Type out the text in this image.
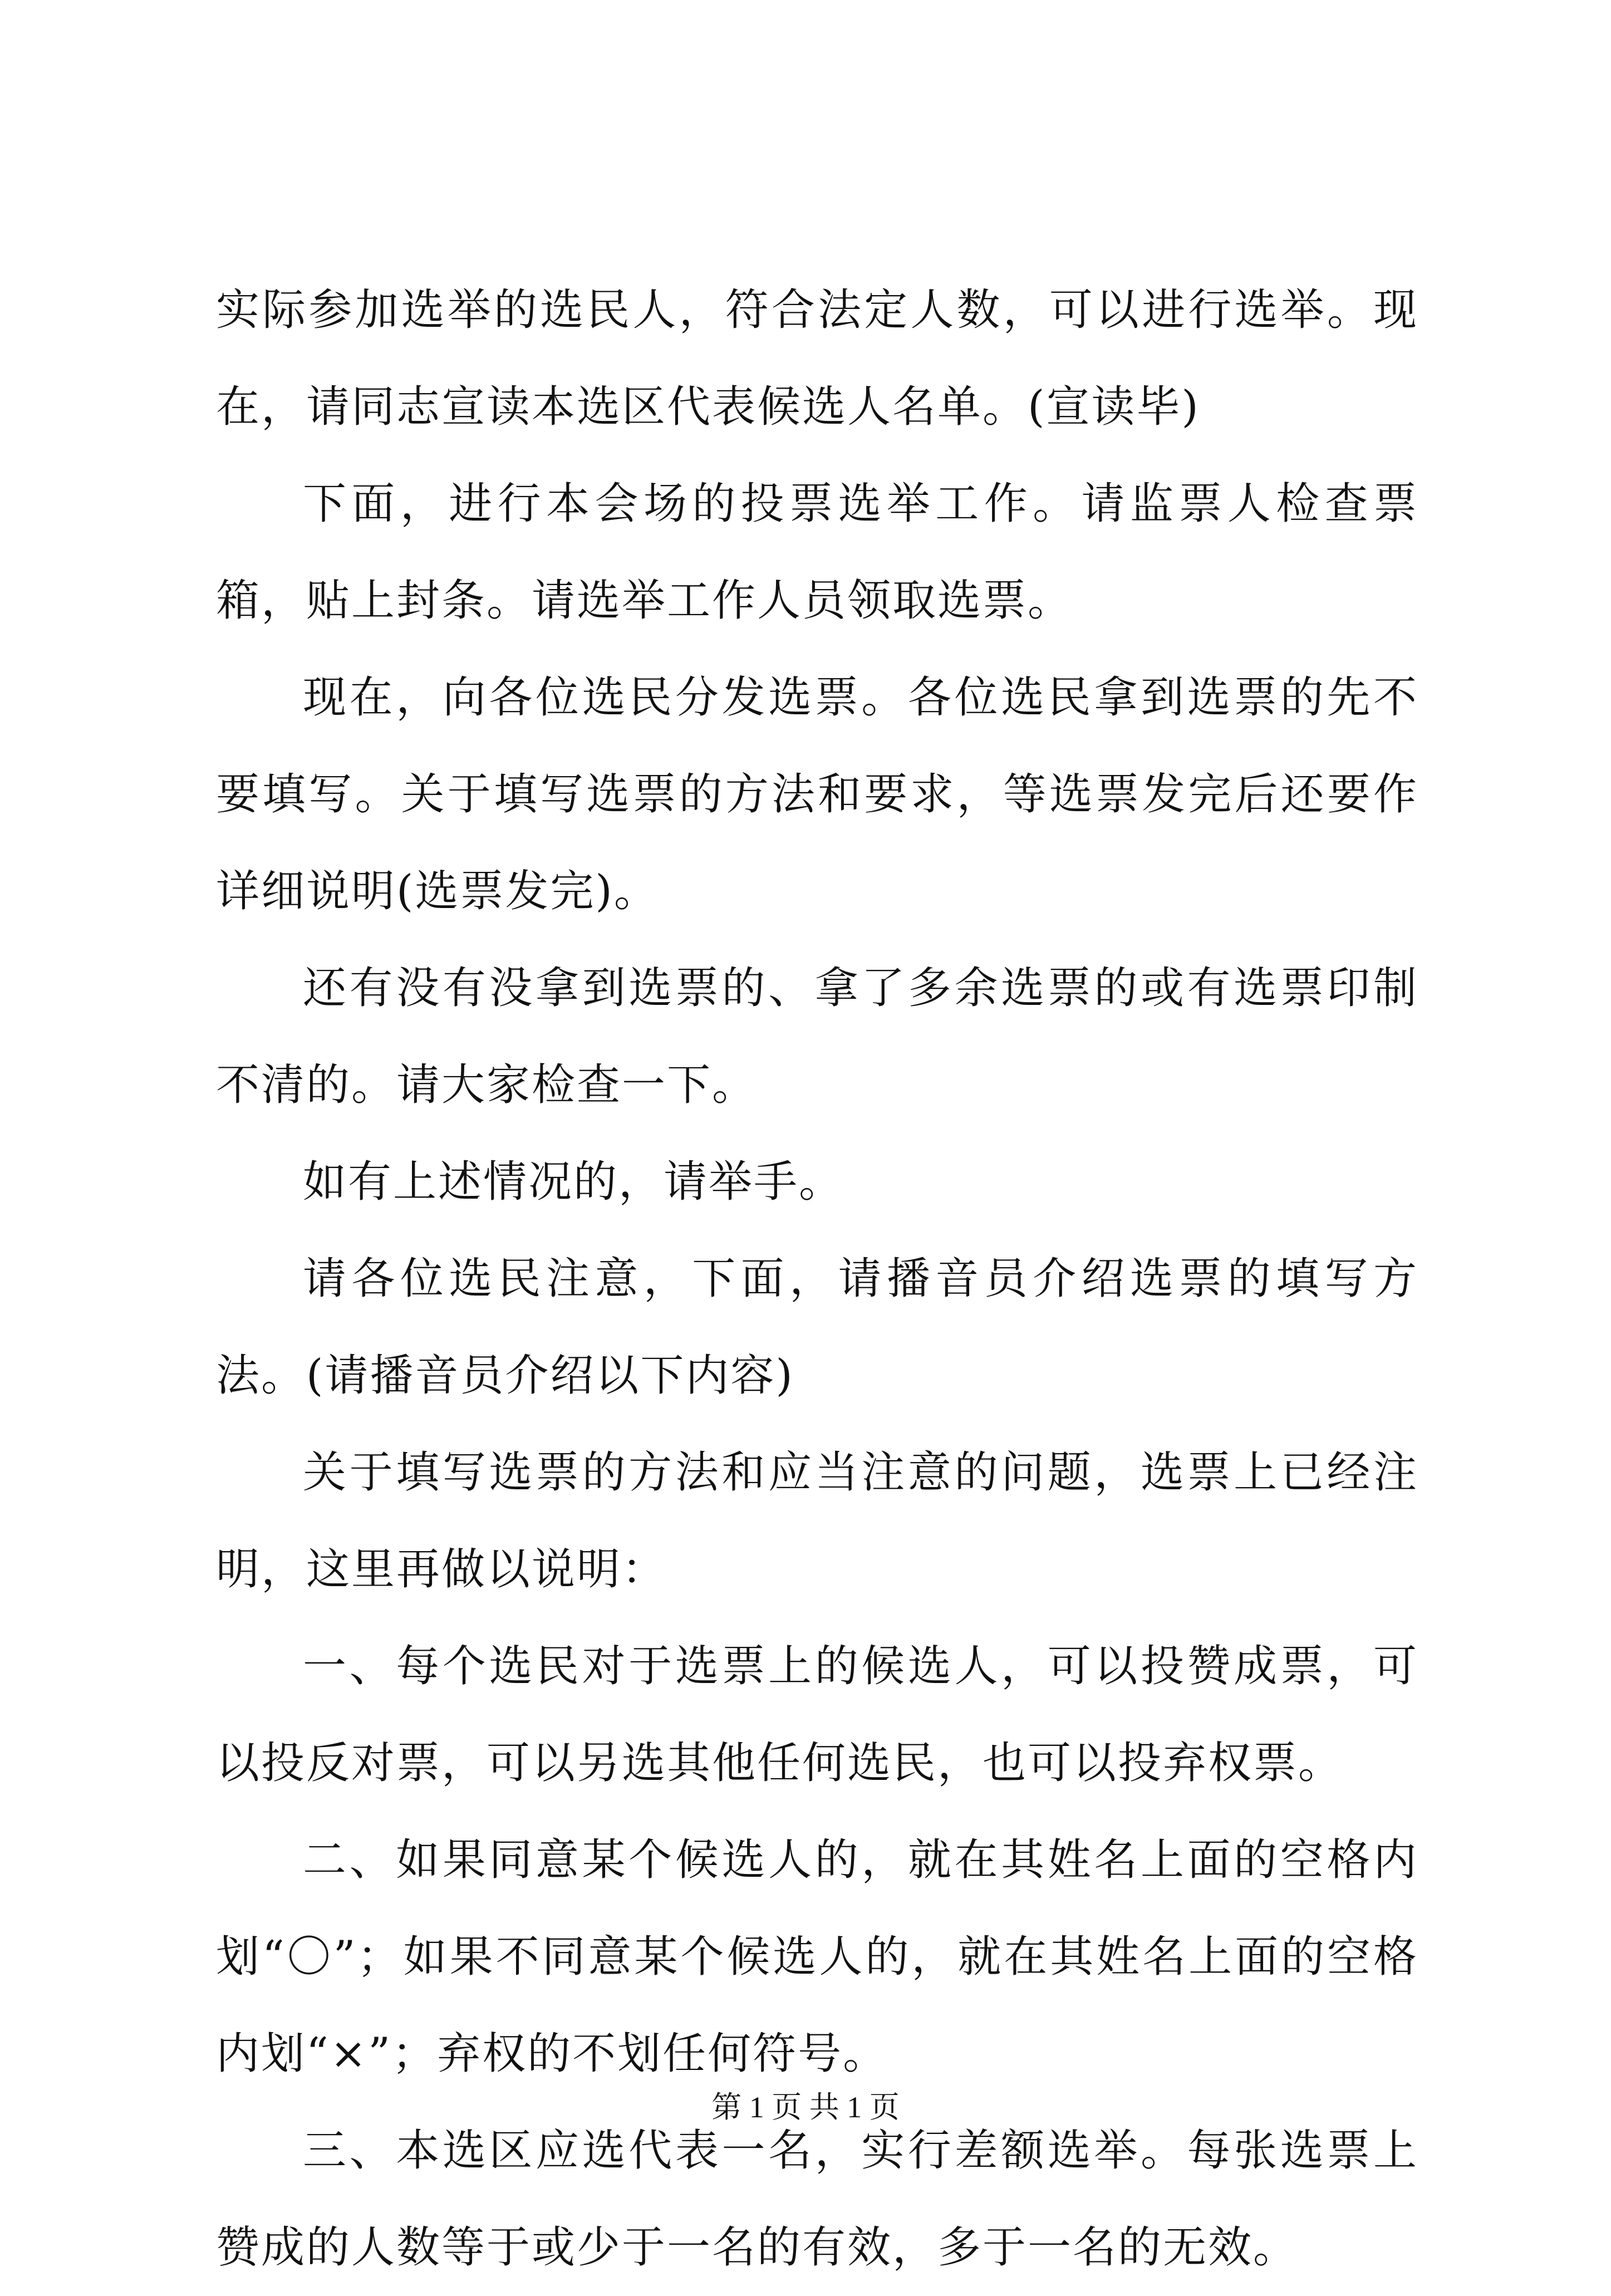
实际参加选举的选民人，符合法定人数，可以进行选举。现在，请同志宣读本选区代表候选人名单。(宣读毕)

下面，进行本会场的投票选举工作。请监票人检查票箱，贴上封条。请选举工作人员领取选票。

现在，向各位选民分发选票。各位选民拿到选票的先不要填写。关于填写选票的方法和要求，等选票发完后还要作详细说明(选票发完)。

还有没有没拿到选票的、拿了多余选票的或有选票印制不清的。请大家检查一下。

如有上述情况的，请举手。

请各位选民注意，下面，请播音员介绍选票的填写方法。(请播音员介绍以下内容)

关于填写选票的方法和应当注意的问题，选票上已经注明，这里再做以说明：

一、每个选民对于选票上的候选人，可以投赞成票，可以投反对票，可以另选其他任何选民，也可以投弃权票。

二、如果同意某个候选人的，就在其姓名上面的空格内划“〇”；如果不同意某个候选人的，就在其姓名上面的空格内划“×”；弃权的不划任何符号。

三、本选区应选代表一名，实行差额选举。每张选票上赞成的人数等于或少于一名的有效，多于一名的无效。

第 1 页 共 1 页
